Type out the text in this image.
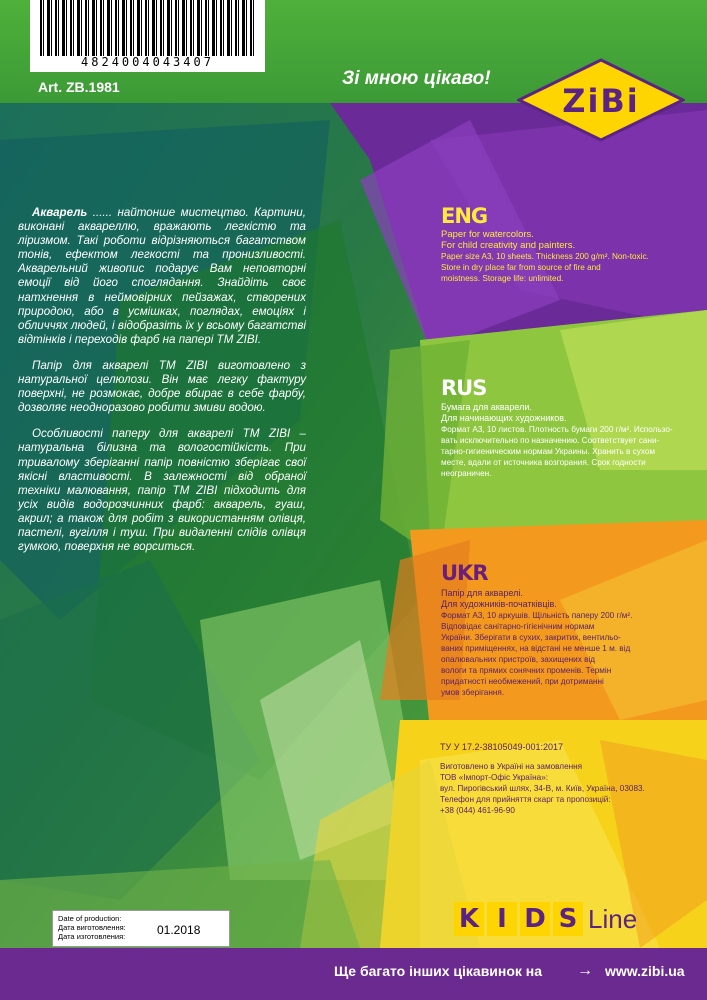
4824004043407
Art. ZB.1981	Зі мною цікаво!
ZiBi

Акварель ...... найтонше мистецтво. Картини, виконані аквареллю, вражають легкістю та ліризмом. Такі роботи відрізняються багатством тонів, ефектом легкості та пронизливості. Акварельний живопис подарує Вам неповторні емоції від його споглядання. Знайдіть своє натхнення в неймовірних пейзажах, створених природою, або в усмішках, поглядах, емоціях і обличчях людей, і відобразіть їх у всьому багатстві відтінків і переходів фарб на папері ТМ ZIBI.

Папір для акварелі ТМ ZIBI виготовлено з натуральної целюлози. Він має легку фактуру поверхні, не розмокає, добре вбирає в себе фарбу, дозволяє неодноразово робити змиви водою.

Особливості паперу для акварелі ТМ ZIBI – натуральна білизна та вологостійкість. При тривалому зберіганні папір повністю зберігає свої якісні властивості. В залежності від обраної техніки малювання, папір ТМ ZIBI підходить для усіх видів водорозчинних фарб: акварель, гуаш, акрил; а також для робіт з використанням олівця, пастелі, вугілля і туш. При видаленні слідів олівця гумкою, поверхня не ворситься.

ENG
Paper for watercolors.
For child creativity and painters.
Paper size A3, 10 sheets. Thickness 200 g/m². Non-toxic.
Store in dry place far from source of fire and
moistness. Storage life: unlimited.
RUS
Бумага для акварели.
Для начинающих художников.
Формат А3, 10 листов. Плотность бумаги 200 г/м². Использо-
вать исключительно по назначению. Соответствует сани-
тарно-гигиеническим нормам Украины. Хранить в сухом
месте, вдали от источника возгорания. Срок годности
неограничен.
UKR
Папір для акварелі.
Для художників-початківців.
Формат А3, 10 аркушів. Щільність паперу 200 г/м².
Відповідає санітарно-гігієнічним нормам
України. Зберігати в сухих, закритих, вентильо-
ваних приміщеннях, на відстані не менше 1 м. від
опалювальних пристроїв, захищених від
вологи та прямих сонячних променів. Термін
придатності необмежений, при дотриманні
умов зберігання.
ТУ У 17.2-38105049-001:2017
Виготовлено в Україні на замовлення
ТОВ «Імпорт-Офіс Україна»:
вул. Пирогівський шлях, 34-В, м. Київ, Україна, 03083.
Телефон для прийняття скарг та пропозицій:
+38 (044) 461-96-90
Date of production:
Дата виготовлення:
Дата изготовления:	01.2018	K I D S Line
Ще багато інших цікавинок на → www.zibi.ua
